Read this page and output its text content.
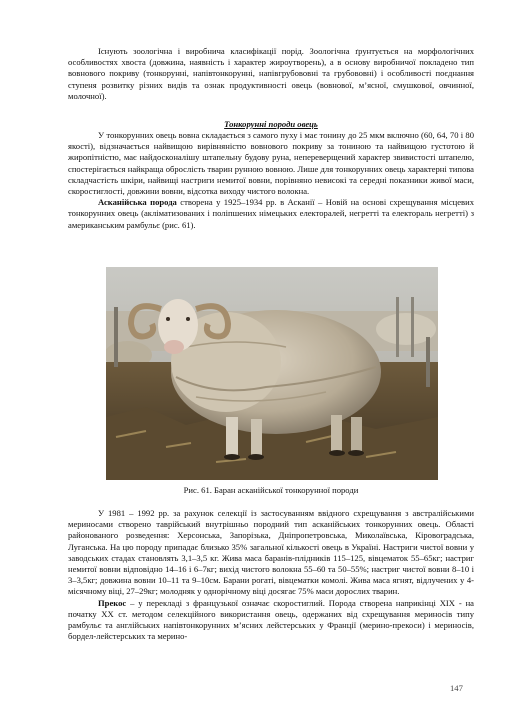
Існують зоологічна і виробнича класифікації порід. Зоологічна ґрунтується на морфологічних особливостях хвоста (довжина, наявність і характер жироутворень), а в основу виробничої покладено тип вовнового покриву (тонкорунні, напівтонкорунні, напівгрубововні та грубововні) і особливості поєднання ступеня розвитку різних видів та ознак продуктивності овець (вовнової, м’ясної, смушкової, овчинної, молочної).

Тонкорунні породи овець

У тонкорунних овець вовна складається з самого пуху і має тонину до 25 мкм включно (60, 64, 70 і 80 якості), відзначається найвищою вирівняністю вовнового покриву за тониною та найвищою густотою й жиропітністю, має найдосконалішу штапельну будову руна, непереверщений характер звивистості штапелю, спостерігається найкраща оброслість тварин рунною вовною. Лише для тонкорунних овець характерні типова складчастість шкіри, найвищі настриги немитої вовни, порівняно невисокі та середні показники живої маси, скоростиглості, довжини вовни, відсотка виходу чистого волокна.

Асканійська порода створена у 1925–1934 рр. в Асканії – Новій на основі схрещування місцевих тонкорунних овець (акліматизованих і поліпшених німецьких електоралей, негретті та електораль негретті) з американським рамбульє (рис. 61).

Рис. 61. Баран асканійської тонкорунної породи

У 1981 – 1992 рр. за рахунок селекції із застосуванням ввідного схрещування з австралійськими мериносами створено таврійський внутрішньо породний тип асканійських тонкорунних овець. Області районованого розведення: Херсонська, Запорізька, Дніпропетровська, Миколаївська, Кіровоградська, Луганська. На цю породу припадає близько 35% загальної кількості овець в Україні. Настриги чистої вовни у заводських стадах становлять 3,1–3,5 кг. Жива маса баранів-плідників 115–125, вівцематок 55–65кг; настриг немитої вовни відповідно 14–16 і 6–7кг; вихід чистого волокна 55–60 та 50–55%; настриг чистої вовни 8–10 і 3–3,5кг; довжина вовни 10–11 та 9–10см. Барани рогаті, вівцематки комолі. Жива маса ягнят, відлучених у 4-місячному віці, 27–29кг; молодняк у однорічному віці досягає 75% маси дорослих тварин.

Прекос – у перекладі з французької означає скоростиглий. Порода створена наприкінці XIX - на початку XX ст. методом селекційного використання овець, одержаних від схрещування мериносів типу рамбульє та англійських напівтонкорунних м’ясних лейстерських у Франції (мерино-прекоси) і мериносів, бордел-лейстерських та мерино-

147
